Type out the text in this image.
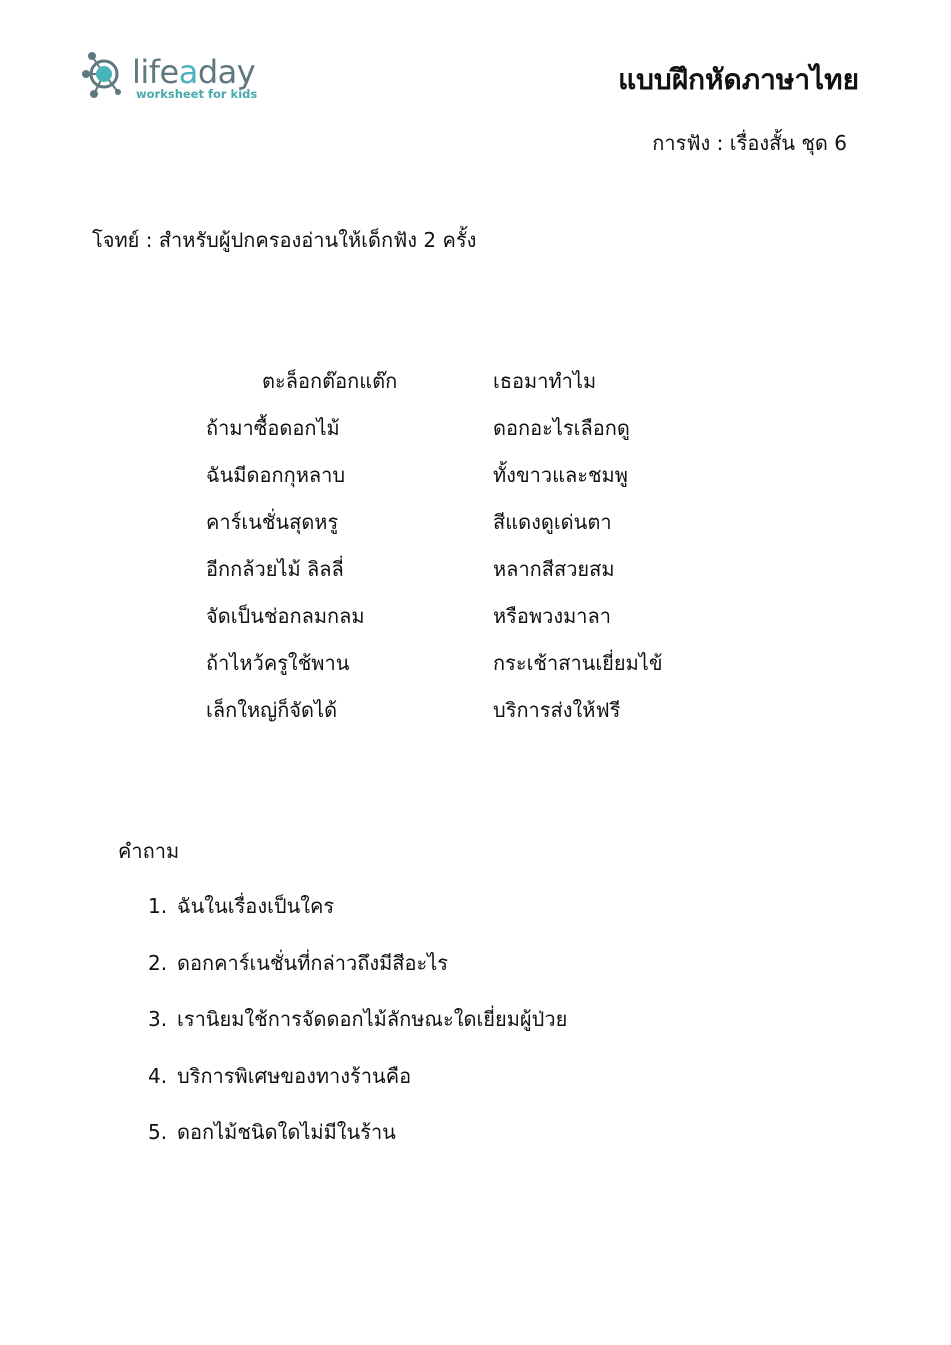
lifeaday
worksheet for kids	แบบฝึกหัดภาษาไทย
การฟัง : เรื่องสั้น ชุด 6
โจทย์ : สำหรับผู้ปกครองอ่านให้เด็กฟัง 2 ครั้ง
ตะล็อกต๊อกแต๊ก	เธอมาทำไม
ถ้ามาซื้อดอกไม้	ดอกอะไรเลือกดู
ฉันมีดอกกุหลาบ	ทั้งขาวและชมพู
คาร์เนชั่นสุดหรู	สีแดงดูเด่นตา
อีกกล้วยไม้ ลิลลี่	หลากสีสวยสม
จัดเป็นช่อกลมกลม	หรือพวงมาลา
ถ้าไหว้ครูใช้พาน	กระเช้าสานเยี่ยมไข้
เล็กใหญ่ก็จัดได้	บริการส่งให้ฟรี
คำถาม
1. ฉันในเรื่องเป็นใคร
2. ดอกคาร์เนชั่นที่กล่าวถึงมีสีอะไร
3. เรานิยมใช้การจัดดอกไม้ลักษณะใดเยี่ยมผู้ป่วย
4. บริการพิเศษของทางร้านคือ
5. ดอกไม้ชนิดใดไม่มีในร้าน
